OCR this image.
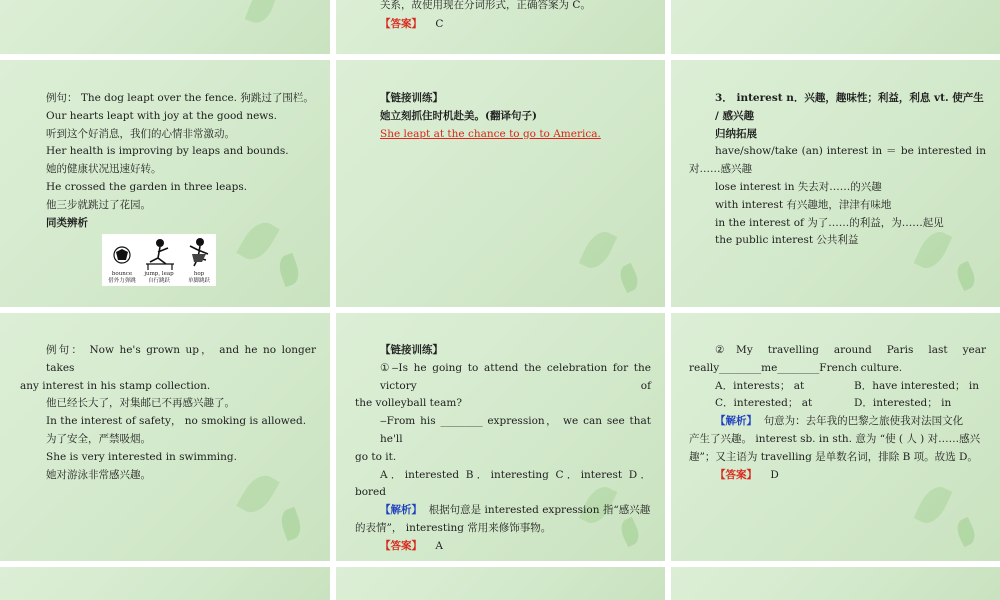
关系，故使用现在分词形式，正确答案为 C。

【答案】 C

例句： The dog leapt over the fence. 狗跳过了围栏。

Our hearts leapt with joy at the good news.

听到这个好消息，我们的心情非常激动。

Her health is improving by leaps and bounds.

她的健康状况迅速好转。

He crossed the garden in three leaps.

他三步就跳过了花园。

同类辨析

bounce
借外力弹跳
jump, leap
自行跳跃
hop
单脚跳跃

【链接训练】

她立刻抓住时机赴美。(翻译句子)

She leapt at the chance to go to America.

3． interest n．兴趣，趣味性；利益，利息 vt. 使产生 / 感兴趣

归纳拓展

have/show/take (an) interest in ＝ be interested in

对……感兴趣

lose interest in 失去对……的兴趣

with interest 有兴趣地，津津有味地

in the interest of 为了……的利益，为……起见

the public interest 公共利益

例句： Now he's grown up， and he no longer takes

any interest in his stamp collection.

他已经长大了，对集邮已不再感兴趣了。

In the interest of safety， no smoking is allowed.

为了安全，严禁吸烟。

She is very interested in swimming.

她对游泳非常感兴趣。

【链接训练】

①‒Is he going to attend the celebration for the victory of

the volleyball team?

‒From his ________ expression， we can see that he'll

go to it.

A．interested B．interesting C．interest D．

bored

【解析】 根据句意是 interested expression 指“感兴趣

的表情”， interesting 常用来修饰事物。

【答案】 A

②My travelling around Paris last year

really________me________French culture.

A．interests； at	B．have interested； in

C．interested； at	D．interested； in

【解析】 句意为：去年我的巴黎之旅使我对法国文化

产生了兴趣。 interest sb. in sth. 意为 “使 ( 人 ) 对……感兴

趣”；又主语为 travelling 是单数名词，排除 B 项。故选 D。

【答案】 D
